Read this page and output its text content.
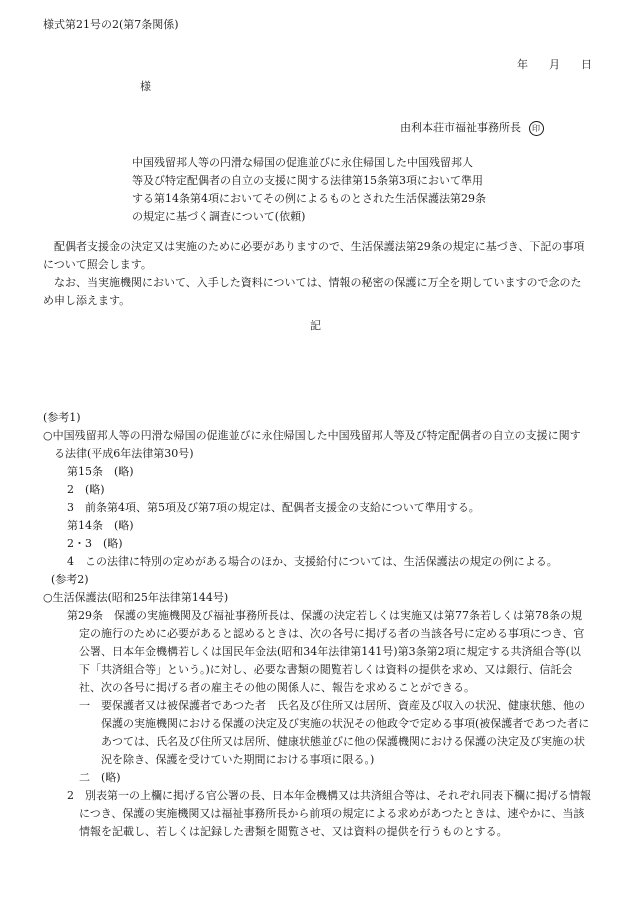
様式第21号の2(第7条関係)

年 月 日

様

由利本荘市福祉事務所長 印
中国残留邦人等の円滑な帰国の促進並びに永住帰国した中国残留邦人
等及び特定配偶者の自立の支援に関する法律第15条第3項において準用
する第14条第4項においてその例によるものとされた生活保護法第29条
の規定に基づく調査について(依頼)

配偶者支援金の決定又は実施のために必要がありますので、生活保護法第29条の規定に基づき、下記の事項について照会します。

なお、当実施機関において、入手した資料については、情報の秘密の保護に万全を期していますので念のため申し添えます。

記

(参考1)

○中国残留邦人等の円滑な帰国の促進並びに永住帰国した中国残留邦人等及び特定配偶者の自立の支援に関する法律(平成6年法律第30号)

第15条　(略)

2　(略)

3　前条第4項、第5項及び第7項の規定は、配偶者支援金の支給について準用する。

第14条　(略)

2・3　(略)

4　この法律に特別の定めがある場合のほか、支援給付については、生活保護法の規定の例による。

(参考2)

○生活保護法(昭和25年法律第144号)

第29条　保護の実施機関及び福祉事務所長は、保護の決定若しくは実施又は第77条若しくは第78条の規定の施行のために必要があると認めるときは、次の各号に掲げる者の当該各号に定める事項につき、官公署、日本年金機構若しくは国民年金法(昭和34年法律第141号)第3条第2項に規定する共済組合等(以下「共済組合等」という。)に対し、必要な書類の閲覧若しくは資料の提供を求め、又は銀行、信託会社、次の各号に掲げる者の雇主その他の関係人に、報告を求めることができる。

一　要保護者又は被保護者であつた者　氏名及び住所又は居所、資産及び収入の状況、健康状態、他の保護の実施機関における保護の決定及び実施の状況その他政令で定める事項(被保護者であつた者にあつては、氏名及び住所又は居所、健康状態並びに他の保護機関における保護の決定及び実施の状況を除き、保護を受けていた期間における事項に限る。)

二　(略)

2　別表第一の上欄に掲げる官公署の長、日本年金機構又は共済組合等は、それぞれ同表下欄に掲げる情報につき、保護の実施機関又は福祉事務所長から前項の規定による求めがあつたときは、速やかに、当該情報を記載し、若しくは記録した書類を閲覧させ、又は資料の提供を行うものとする。
